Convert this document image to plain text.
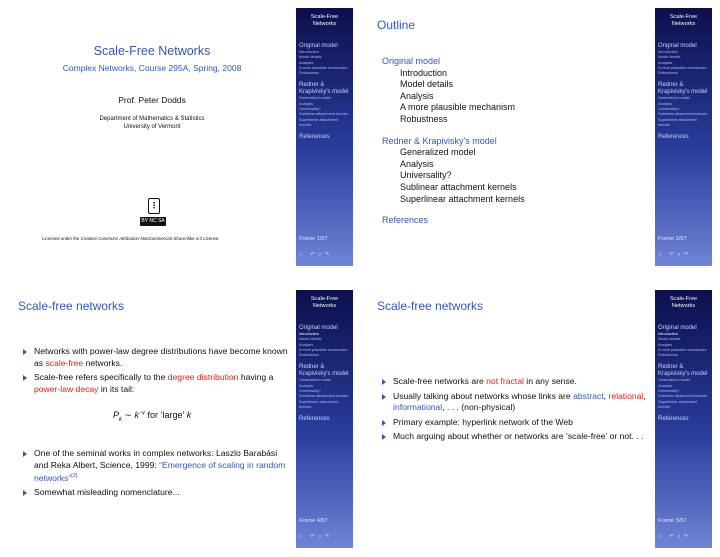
Scale-Free Networks
Complex Networks, Course 295A, Spring, 2008
Prof. Peter Dodds
Department of Mathematics & Statistics
University of Vermont
⋮
BY NC SA
Licensed under the Creative Commons Attribution-NonCommercial-ShareAlike 3.0 License.
Scale-Free
Networks
Original model
Introduction
Model details
Analysis
A more plausible mechanism
Robustness
Redner & Krapivisky's model
Generalized model
Analysis
Universality?
Sublinear attachment kernels
Superlinear attachment kernels
References
Frame 1/57
□ ↶⌕↷
Outline
Original model
Introduction
Model details
Analysis
A more plausible mechanism
Robustness
Redner & Krapivisky's model
Generalized model
Analysis
Universality?
Sublinear attachment kernels
Superlinear attachment kernels
References
Scale-Free
Networks
Original model
Introduction
Model details
Analysis
A more plausible mechanism
Robustness
Redner & Krapivisky's model
Generalized model
Analysis
Universality?
Sublinear attachment kernels
Superlinear attachment kernels
References
Frame 2/57
□ ↶⌕↷
Scale-free networks
Networks with power-law degree distributions have become known as scale-free networks.
Scale-free refers specifically to the degree distribution having a power-law decay in its tail:
$P_k$ ∼ $k^{-\gamma}$ for ‘large’ k
One of the seminal works in complex networks: Laszlo Barabási and Reka Albert, Science, 1999: “Emergence of scaling in random networks”[2]
Somewhat misleading nomenclature...
Scale-Free
Networks
Original model
Introduction
Model details
Analysis
A more plausible mechanism
Robustness
Redner & Krapivisky's model
Generalized model
Analysis
Universality?
Sublinear attachment kernels
Superlinear attachment kernels
References
Frame 4/57
□ ↶⌕↷
Scale-free networks
Scale-free networks are not fractal in any sense.
Usually talking about networks whose links are abstract, relational, informational, . . . (non-physical)
Primary example: hyperlink network of the Web
Much arguing about whether or networks are ‘scale-free’ or not. . .
Scale-Free
Networks
Original model
Introduction
Model details
Analysis
A more plausible mechanism
Robustness
Redner & Krapivisky's model
Generalized model
Analysis
Universality?
Sublinear attachment kernels
Superlinear attachment kernels
References
Frame 5/57
□ ↶⌕↷
